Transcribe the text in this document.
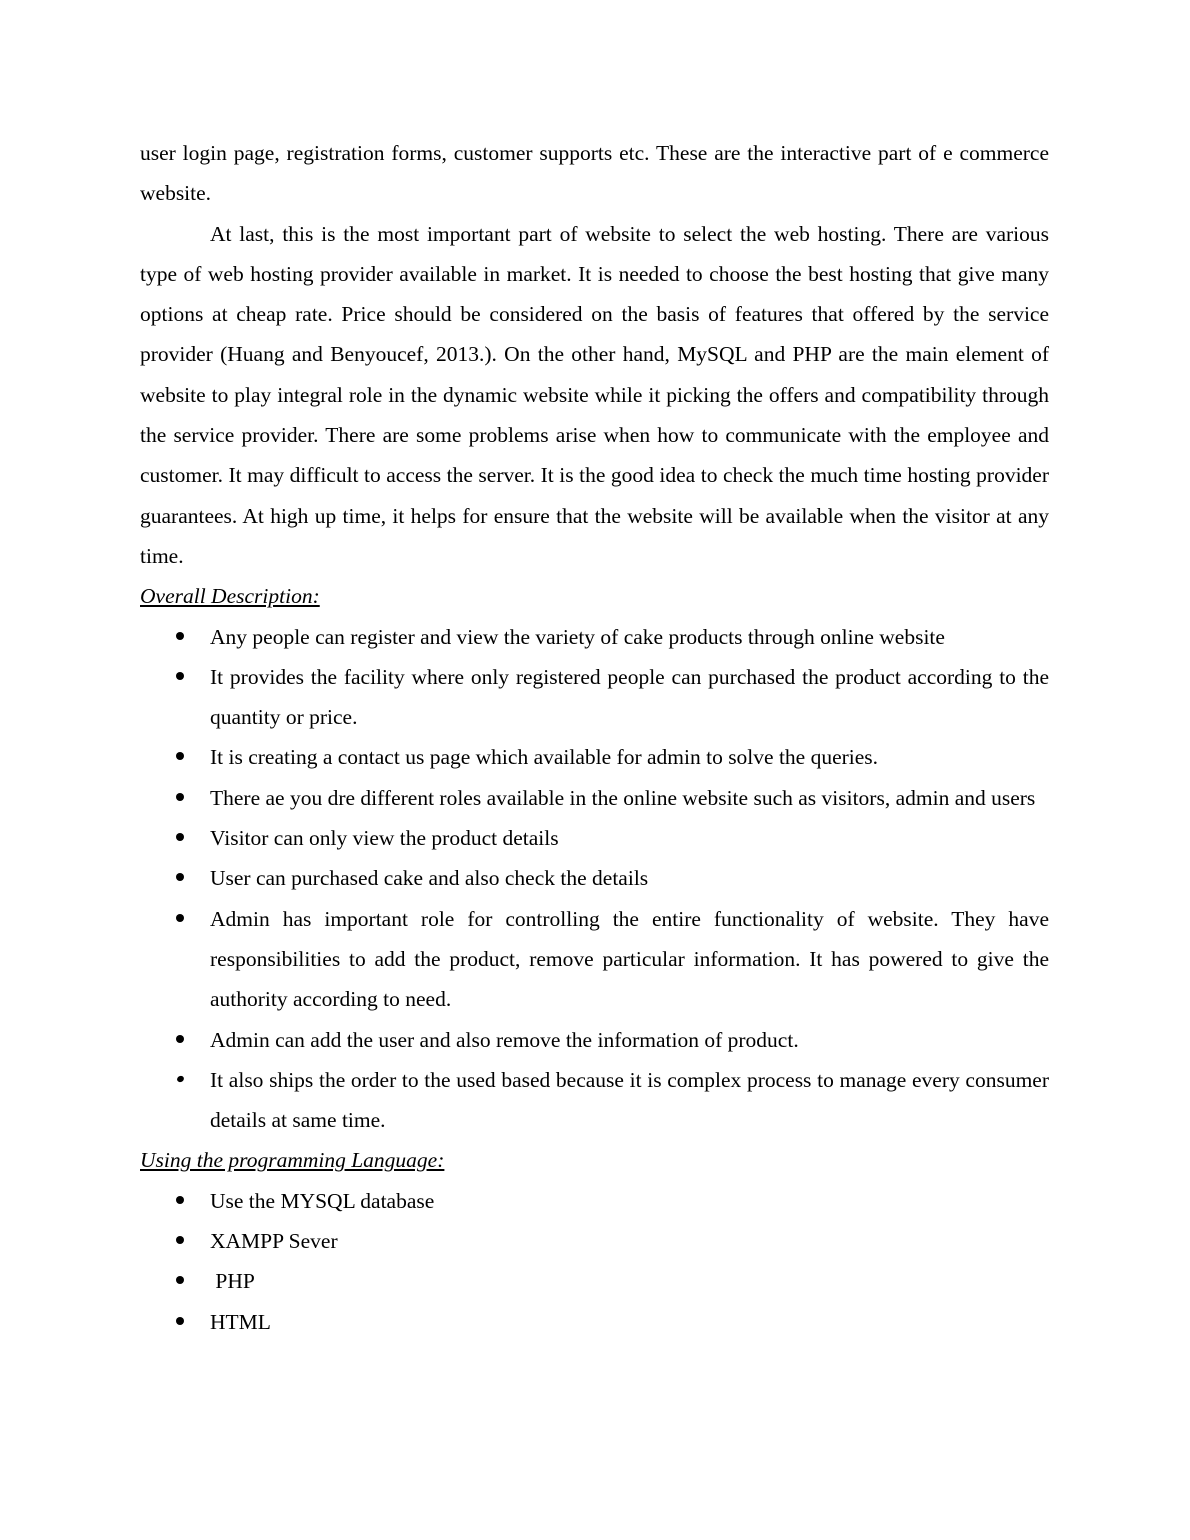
user login page, registration forms, customer supports etc. These are the interactive part of e commerce website.

At last, this is the most important part of website to select the web hosting. There are various type of web hosting provider available in market. It is needed to choose the best hosting that give many options at cheap rate. Price should be considered on the basis of features that offered by the service provider (Huang and Benyoucef, 2013.). On the other hand, MySQL and PHP are the main element of website to play integral role in the dynamic website while it picking the offers and compatibility through the service provider. There are some problems arise when how to communicate with the employee and customer. It may difficult to access the server. It is the good idea to check the much time hosting provider guarantees. At high up time, it helps for ensure that the website will be available when the visitor at any time.

Overall Description:
Any people can register and view the variety of cake products through online website
It provides the facility where only registered people can purchased the product according to the quantity or price.
It is creating a contact us page which available for admin to solve the queries.
There ae you dre different roles available in the online website such as visitors, admin and users
Visitor can only view the product details
User can purchased cake and also check the details
Admin has important role for controlling the entire functionality of website. They have responsibilities to add the product, remove particular information. It has powered to give the authority according to need.
Admin can add the user and also remove the information of product.
It also ships the order to the used based because it is complex process to manage every consumer details at same time.
Using the programming Language:
Use the MYSQL database
XAMPP Sever
PHP
HTML
